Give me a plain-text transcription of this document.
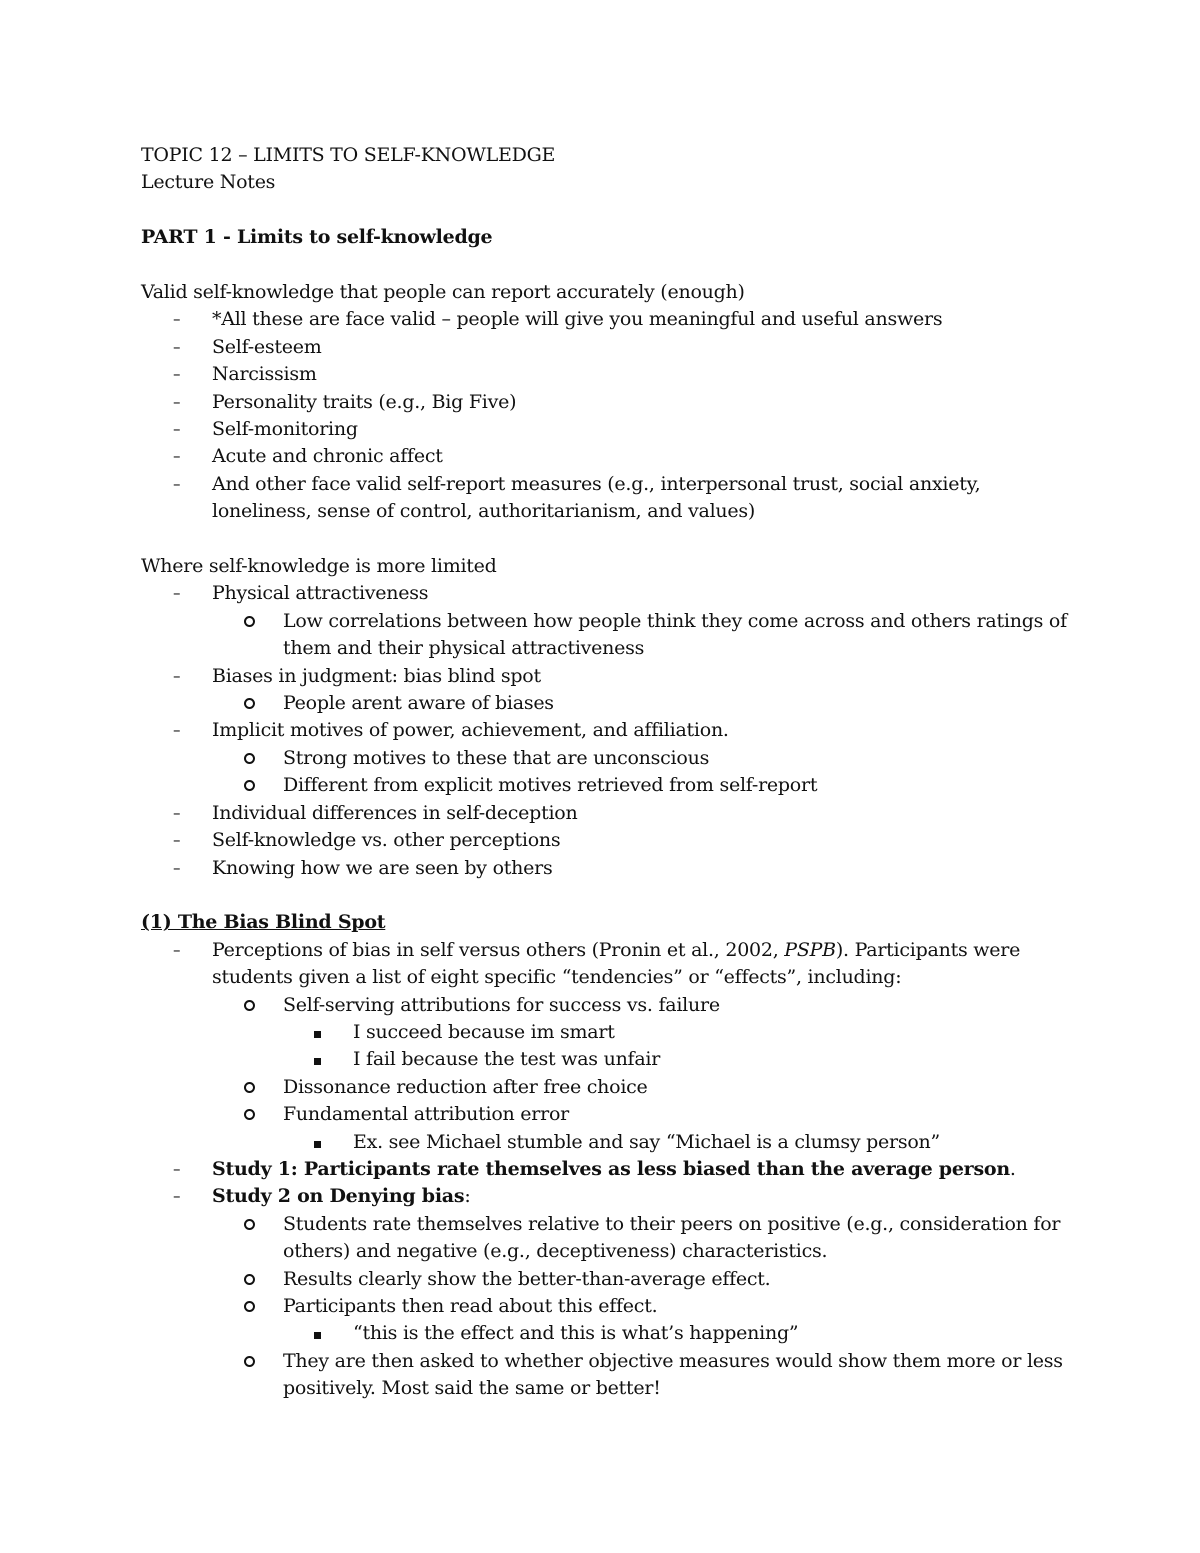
TOPIC 12 – LIMITS TO SELF-KNOWLEDGE
Lecture Notes
PART 1 - Limits to self-knowledge
Valid self-knowledge that people can report accurately (enough)
– *All these are face valid – people will give you meaningful and useful answers
– Self-esteem
– Narcissism
– Personality traits (e.g., Big Five)
– Self-monitoring
– Acute and chronic affect
– And other face valid self-report measures (e.g., interpersonal trust, social anxiety, loneliness, sense of control, authoritarianism, and values)
Where self-knowledge is more limited
– Physical attractiveness
Low correlations between how people think they come across and others ratings of them and their physical attractiveness
– Biases in judgment: bias blind spot
People arent aware of biases
– Implicit motives of power, achievement, and affiliation.
Strong motives to these that are unconscious
Different from explicit motives retrieved from self-report
– Individual differences in self-deception
– Self-knowledge vs. other perceptions
– Knowing how we are seen by others
(1) The Bias Blind Spot
– Perceptions of bias in self versus others (Pronin et al., 2002, PSPB). Participants were students given a list of eight specific “tendencies” or “effects”, including:
Self-serving attributions for success vs. failure
I succeed because im smart
I fail because the test was unfair
Dissonance reduction after free choice
Fundamental attribution error
Ex. see Michael stumble and say “Michael is a clumsy person”
– Study 1: Participants rate themselves as less biased than the average person.
– Study 2 on Denying bias:
Students rate themselves relative to their peers on positive (e.g., consideration for others) and negative (e.g., deceptiveness) characteristics.
Results clearly show the better-than-average effect.
Participants then read about this effect.
“this is the effect and this is what’s happening”
They are then asked to whether objective measures would show them more or less positively. Most said the same or better!
